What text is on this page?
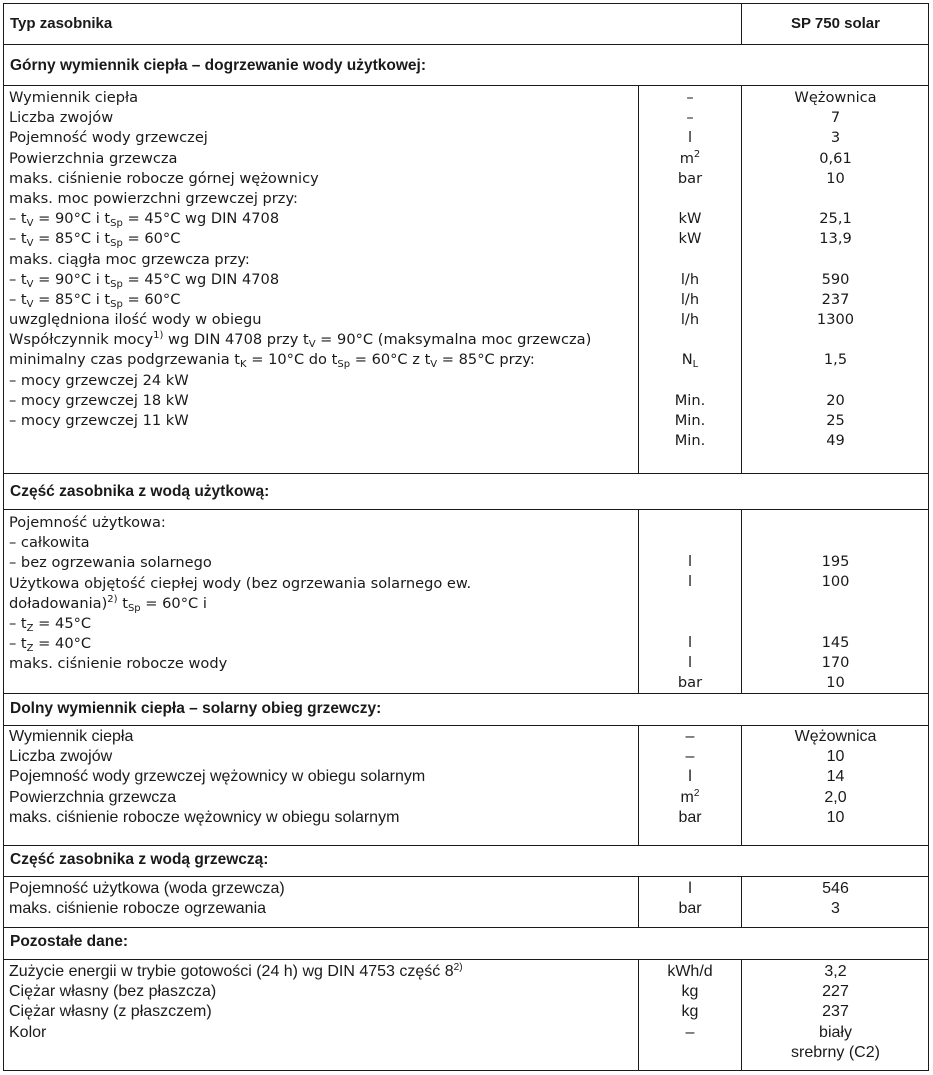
Typ zasobnika	SP 750 solar
Górny wymiennik ciepła – dogrzewanie wody użytkowej:
Część zasobnika z wodą użytkową:
Dolny wymiennik ciepła – solarny obieg grzewczy:
Część zasobnika z wodą grzewczą:
Pozostałe dane:
Wymiennik ciepła
Liczba zwojów
Pojemność wody grzewczej
Powierzchnia grzewcza
maks. ciśnienie robocze górnej wężownicy
maks. moc powierzchni grzewczej przy:
– $t_V = 90^\circ C$ i $t_{Sp} = 45^\circ C$ wg DIN 4708
– $t_V = 85^\circ C$ i $t_{Sp} = 60^\circ C$
maks. ciągła moc grzewcza przy:
– $t_V = 90^\circ C$ i $t_{Sp} = 45^\circ C$ wg DIN 4708
– $t_V = 85^\circ C$ i $t_{Sp} = 60^\circ C$
uwzględniona ilość wody w obiegu
Współczynnik mocy$^{1)}$ wg DIN 4708 przy $t_V = 90^\circ C$ (maksymalna moc grzewcza)
minimalny czas podgrzewania $t_K = 10^\circ C$ do $t_{Sp} = 60^\circ C$ z $t_V = 85^\circ C$ przy:
– mocy grzewczej 24 kW
– mocy grzewczej 18 kW
– mocy grzewczej 11 kW
–
–
l
$m^2$
bar
kW
kW
l/h
l/h
l/h
$N_L$
Min.
Min.
Min.
Wężownica
7
3
0,61
10
25,1
13,9
590
237
1300
1,5
20
25
49
Pojemność użytkowa:
– całkowita
– bez ogrzewania solarnego
Użytkowa objętość ciepłej wody (bez ogrzewania solarnego ew.
doładowania)$^{2)}$ $t_{Sp} = 60^\circ C$ i
– $t_Z = 45^\circ C$
– $t_Z = 40^\circ C$
maks. ciśnienie robocze wody
l
l
l
l
bar
195
100
145
170
10
Wymiennik ciepła
Liczba zwojów
Pojemność wody grzewczej wężownicy w obiegu solarnym
Powierzchnia grzewcza
maks. ciśnienie robocze wężownicy w obiegu solarnym
–
–
l
$m^2$
bar
Wężownica
10
14
2,0
10
Pojemność użytkowa (woda grzewcza)
maks. ciśnienie robocze ogrzewania
l
bar
546
3
Zużycie energii w trybie gotowości (24 h) wg DIN 4753 część 8$^{2)}$
Ciężar własny (bez płaszcza)
Ciężar własny (z płaszczem)
Kolor
kWh/d
kg
kg
–
3,2
227
237
biały
srebrny (C2)
